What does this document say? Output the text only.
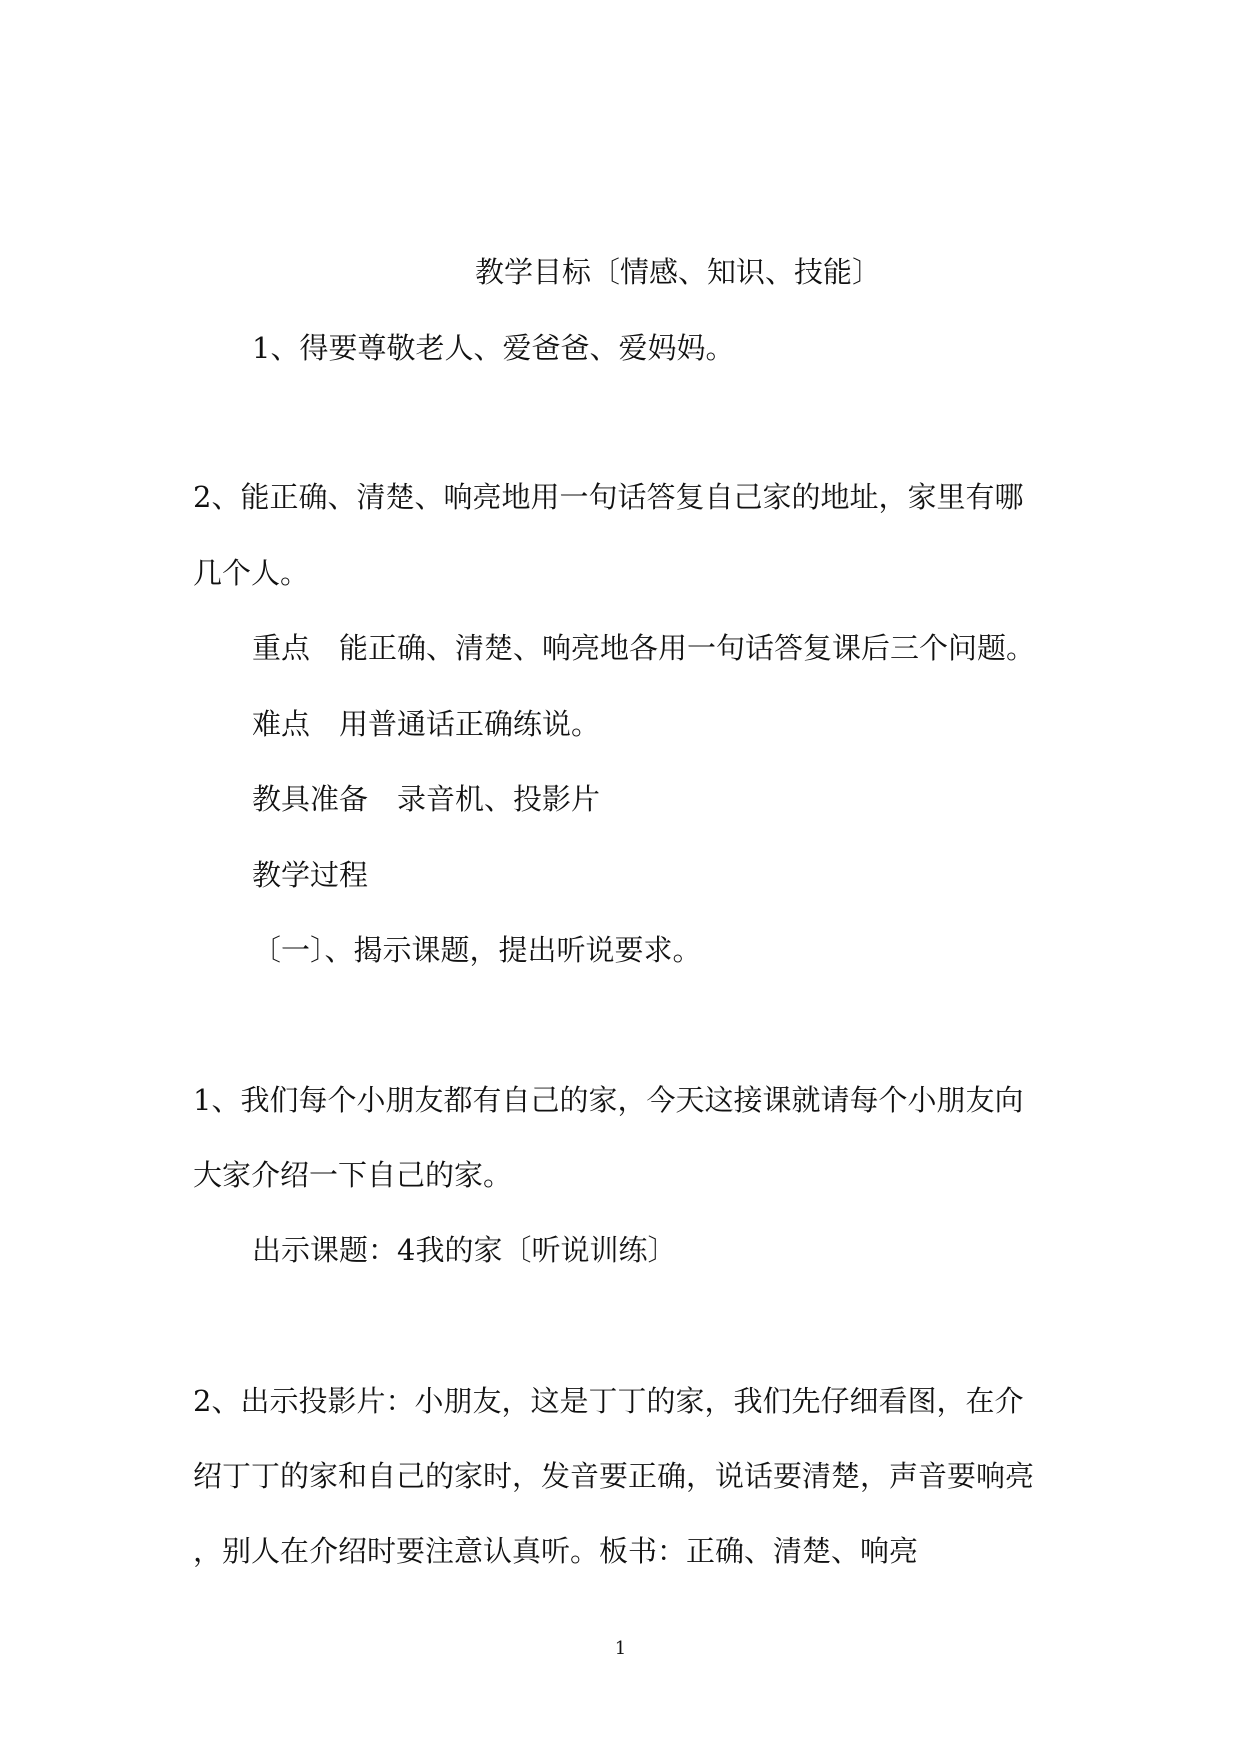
教学目标〔情感、知识、技能〕

1、得要尊敬老人、爱爸爸、爱妈妈。

2、能正确、清楚、响亮地用一句话答复自己家的地址，家里有哪

几个人。

重点　能正确、清楚、响亮地各用一句话答复课后三个问题。

难点　用普通话正确练说。

教具准备　录音机、投影片

教学过程

〔一〕、揭示课题，提出听说要求。

1、我们每个小朋友都有自己的家，今天这接课就请每个小朋友向

大家介绍一下自己的家。

出示课题：4我的家〔听说训练〕

2、出示投影片：小朋友，这是丁丁的家，我们先仔细看图，在介

绍丁丁的家和自己的家时，发音要正确，说话要清楚，声音要响亮

，别人在介绍时要注意认真听。板书：正确、清楚、响亮

1
